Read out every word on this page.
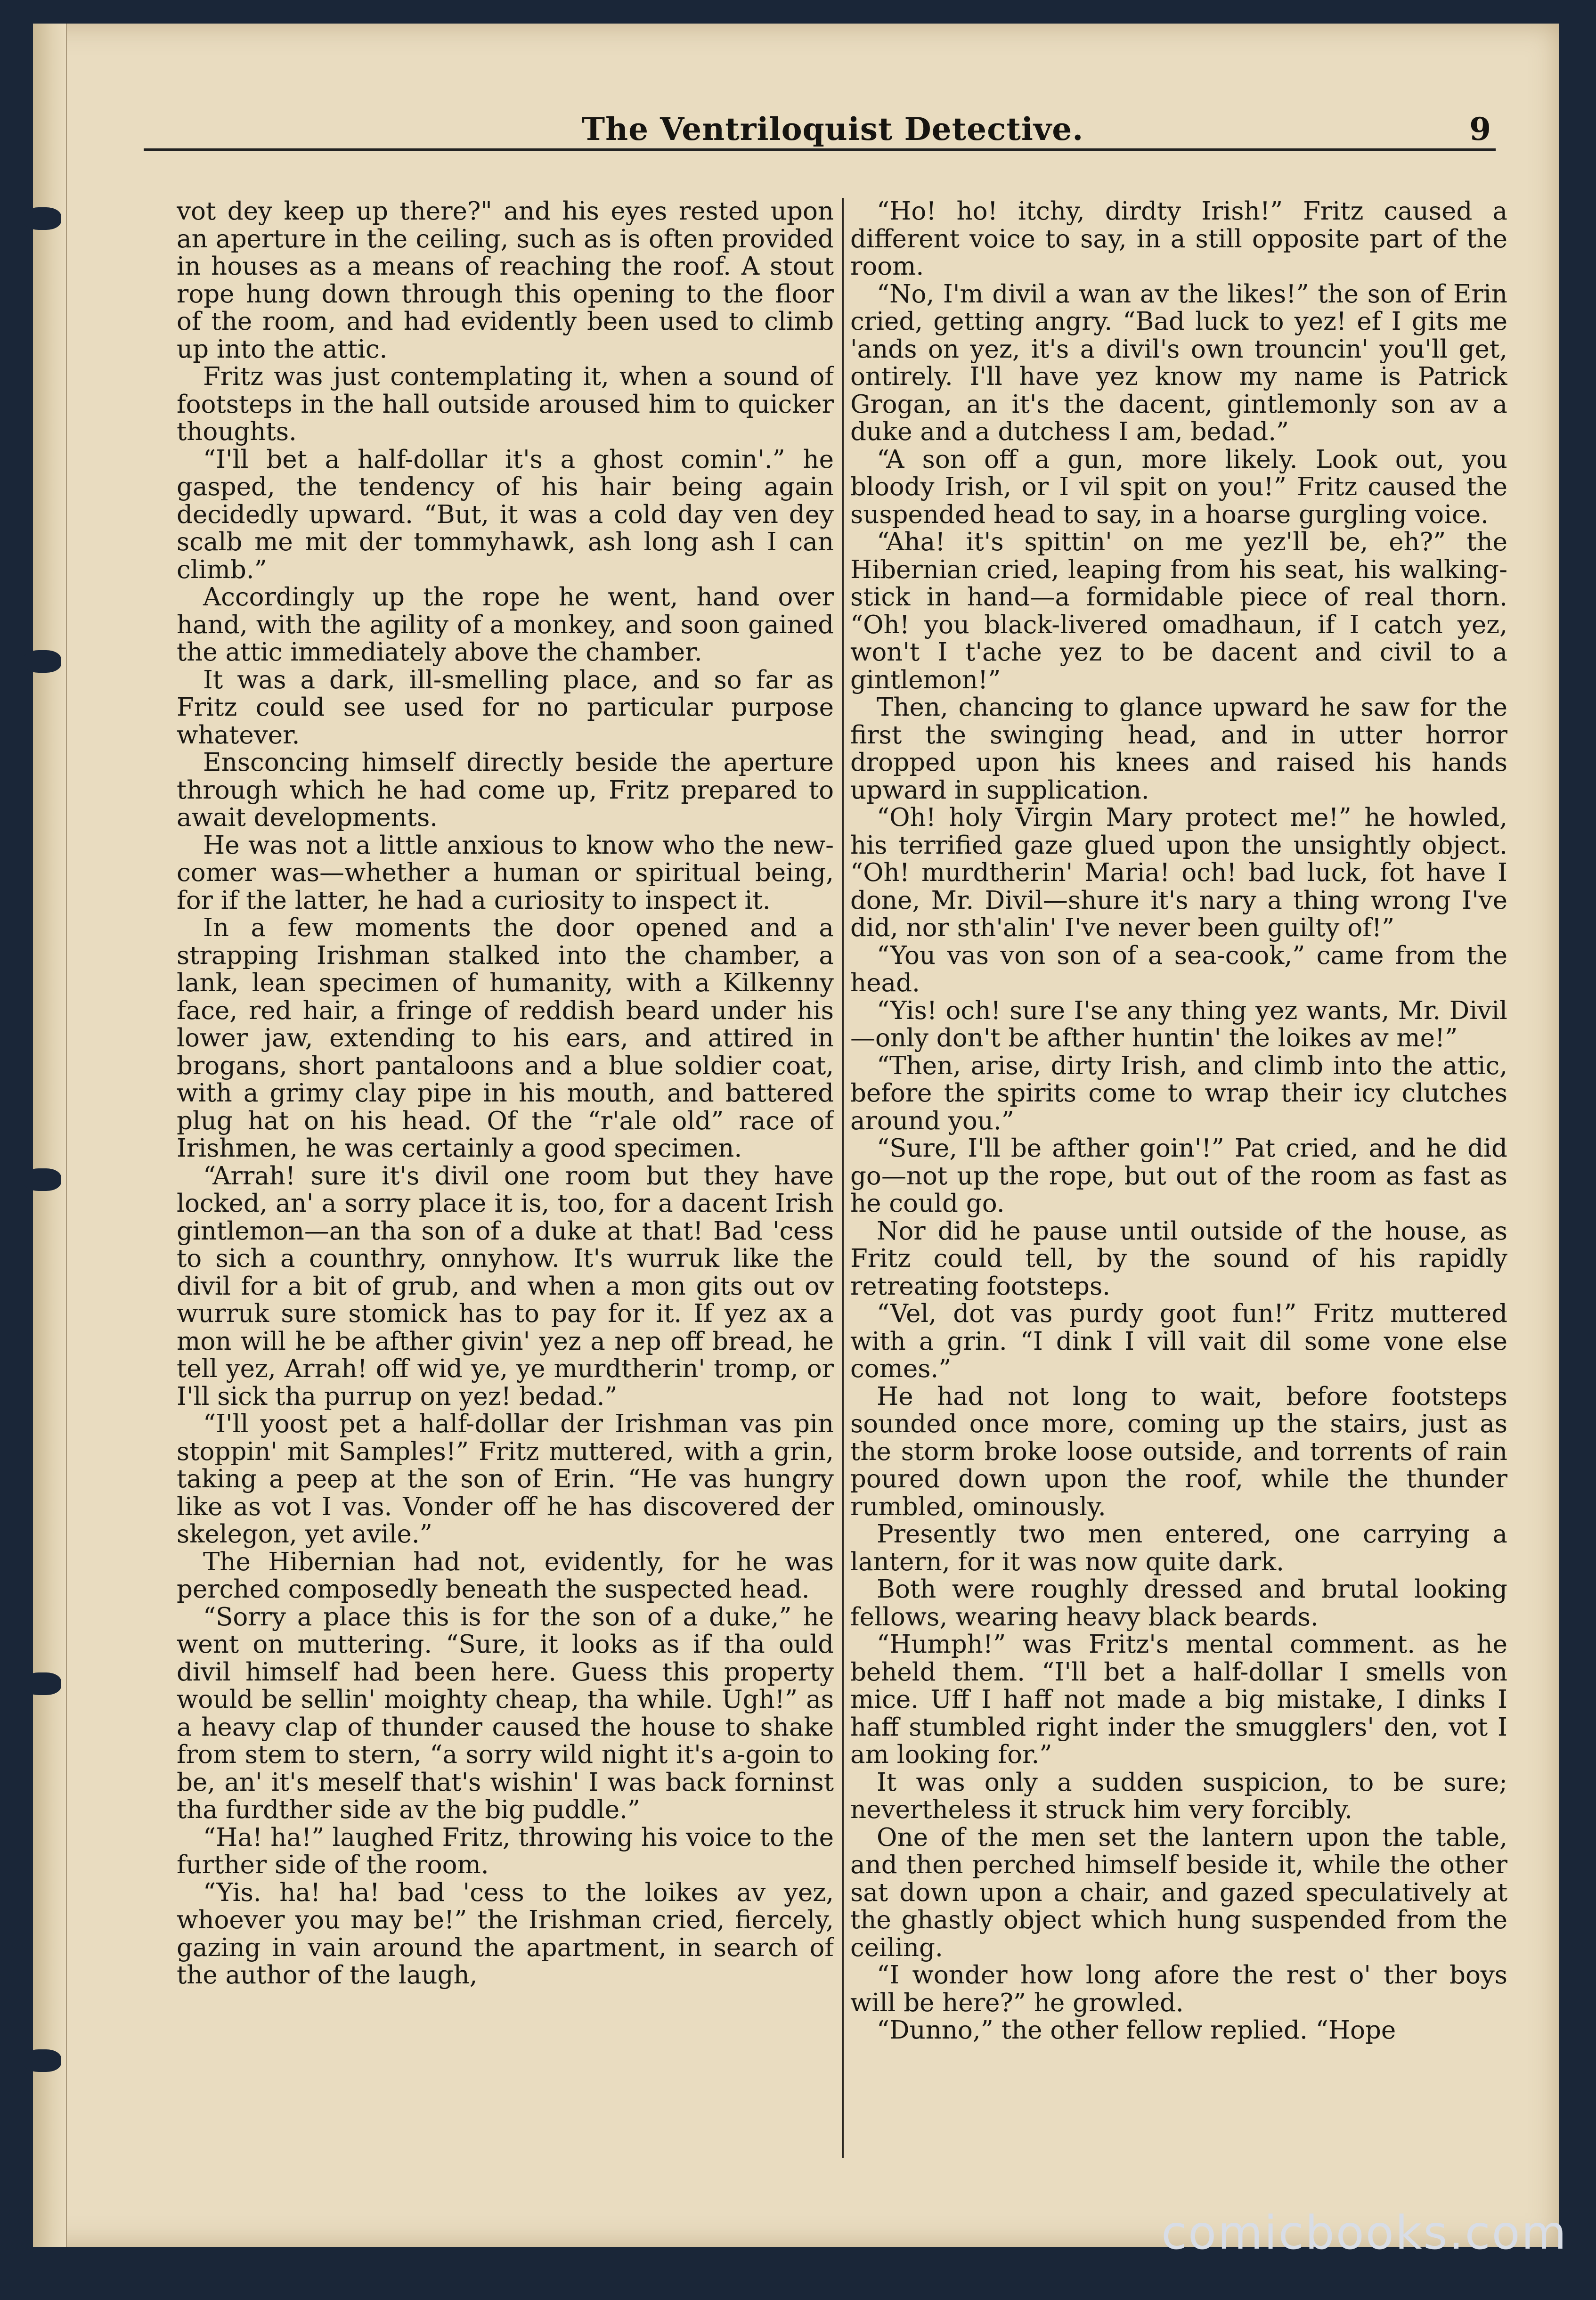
The Ventriloquist Detective.	9

vot dey keep up there?" and his eyes rested upon an aperture in the ceiling, such as is often provided in houses as a means of reaching the roof. A stout rope hung down through this opening to the floor of the room, and had evidently been used to climb up into the attic.

Fritz was just contemplating it, when a sound of footsteps in the hall outside aroused him to quicker thoughts.

“I'll bet a half-dollar it's a ghost comin'.” he gasped, the tendency of his hair being again decidedly upward. “But, it was a cold day ven dey scalb me mit der tommyhawk, ash long ash I can climb.”

Accordingly up the rope he went, hand over hand, with the agility of a monkey, and soon gained the attic immediately above the chamber.

It was a dark, ill-smelling place, and so far as Fritz could see used for no particular purpose whatever.

Ensconcing himself directly beside the aperture through which he had come up, Fritz prepared to await developments.

He was not a little anxious to know who the new-comer was—whether a human or spiritual being, for if the latter, he had a curiosity to inspect it.

In a few moments the door opened and a strapping Irishman stalked into the chamber, a lank, lean specimen of humanity, with a Kilkenny face, red hair, a fringe of reddish beard under his lower jaw, extending to his ears, and attired in brogans, short pantaloons and a blue soldier coat, with a grimy clay pipe in his mouth, and battered plug hat on his head. Of the “r'ale old” race of Irishmen, he was certainly a good specimen.

“Arrah! sure it's divil one room but they have locked, an' a sorry place it is, too, for a dacent Irish gintlemon—an tha son of a duke at that! Bad 'cess to sich a counthry, onnyhow. It's wurruk like the divil for a bit of grub, and when a mon gits out ov wurruk sure stomick has to pay for it. If yez ax a mon will he be afther givin' yez a nep off bread, he tell yez, Arrah! off wid ye, ye murdtherin' tromp, or I'll sick tha purrup on yez! bedad.”

“I'll yoost pet a half-dollar der Irishman vas pin stoppin' mit Samples!” Fritz muttered, with a grin, taking a peep at the son of Erin. “He vas hungry like as vot I vas. Vonder off he has discovered der skelegon, yet avile.”

The Hibernian had not, evidently, for he was perched composedly beneath the suspected head.

“Sorry a place this is for the son of a duke,” he went on muttering. “Sure, it looks as if tha ould divil himself had been here. Guess this property would be sellin' moighty cheap, tha while. Ugh!” as a heavy clap of thunder caused the house to shake from stem to stern, “a sorry wild night it's a-goin to be, an' it's meself that's wishin' I was back forninst tha furdther side av the big puddle.”

“Ha! ha!” laughed Fritz, throwing his voice to the further side of the room.

“Yis. ha! ha! bad 'cess to the loikes av yez, whoever you may be!” the Irishman cried, fiercely, gazing in vain around the apartment, in search of the author of the laugh,

“Ho! ho! itchy, dirdty Irish!” Fritz caused a different voice to say, in a still opposite part of the room.

“No, I'm divil a wan av the likes!” the son of Erin cried, getting angry. “Bad luck to yez! ef I gits me 'ands on yez, it's a divil's own trouncin' you'll get, ontirely. I'll have yez know my name is Patrick Grogan, an it's the dacent, gintlemonly son av a duke and a dutchess I am, bedad.”

“A son off a gun, more likely. Look out, you bloody Irish, or I vil spit on you!” Fritz caused the suspended head to say, in a hoarse gurgling voice.

“Aha! it's spittin' on me yez'll be, eh?” the Hibernian cried, leaping from his seat, his walking-stick in hand—a formidable piece of real thorn. “Oh! you black-livered omadhaun, if I catch yez, won't I t'ache yez to be dacent and civil to a gintlemon!”

Then, chancing to glance upward he saw for the first the swinging head, and in utter horror dropped upon his knees and raised his hands upward in supplication.

“Oh! holy Virgin Mary protect me!” he howled, his terrified gaze glued upon the unsightly object. “Oh! murdtherin' Maria! och! bad luck, fot have I done, Mr. Divil—shure it's nary a thing wrong I've did, nor sth'alin' I've never been guilty of!”

“You vas von son of a sea-cook,” came from the head.

“Yis! och! sure I'se any thing yez wants, Mr. Divil—only don't be afther huntin' the loikes av me!”

“Then, arise, dirty Irish, and climb into the attic, before the spirits come to wrap their icy clutches around you.”

“Sure, I'll be afther goin'!” Pat cried, and he did go—not up the rope, but out of the room as fast as he could go.

Nor did he pause until outside of the house, as Fritz could tell, by the sound of his rapidly retreating footsteps.

“Vel, dot vas purdy goot fun!” Fritz muttered with a grin. “I dink I vill vait dil some vone else comes.”

He had not long to wait, before footsteps sounded once more, coming up the stairs, just as the storm broke loose outside, and torrents of rain poured down upon the roof, while the thunder rumbled, ominously.

Presently two men entered, one carrying a lantern, for it was now quite dark.

Both were roughly dressed and brutal looking fellows, wearing heavy black beards.

“Humph!” was Fritz's mental comment. as he beheld them. “I'll bet a half-dollar I smells von mice. Uff I haff not made a big mistake, I dinks I haff stumbled right inder the smugglers' den, vot I am looking for.”

It was only a sudden suspicion, to be sure; nevertheless it struck him very forcibly.

One of the men set the lantern upon the table, and then perched himself beside it, while the other sat down upon a chair, and gazed speculatively at the ghastly object which hung suspended from the ceiling.

“I wonder how long afore the rest o' ther boys will be here?” he growled.

“Dunno,” the other fellow replied. “Hope

comicbooks.com
